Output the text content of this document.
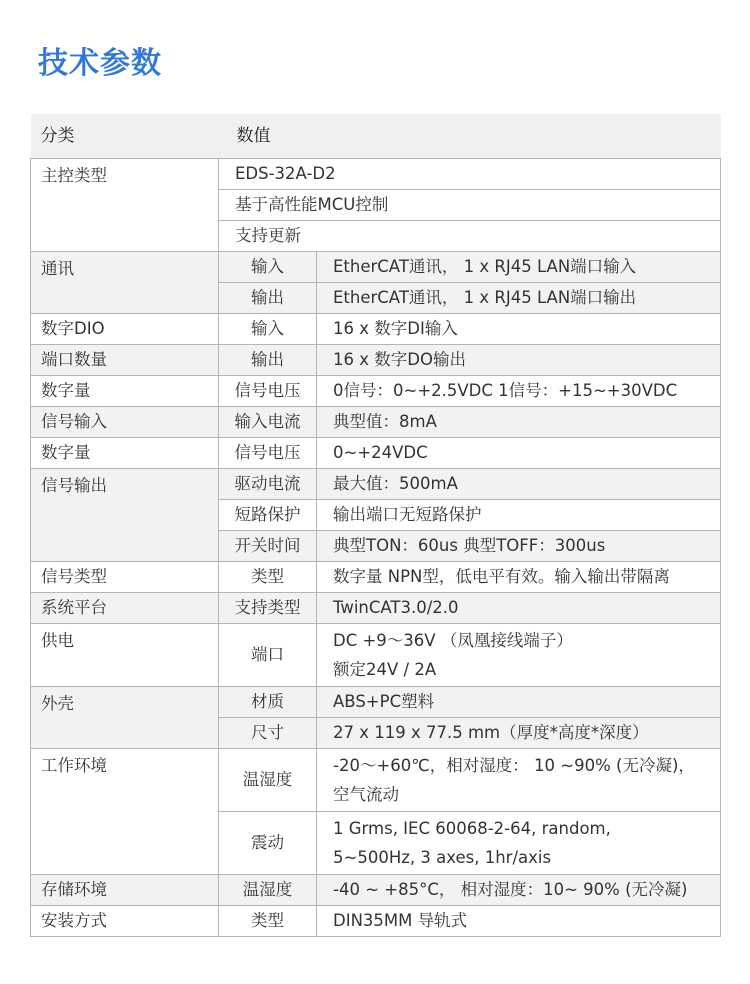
技术参数
分类	数值	
主控类型	EDS-32A-D2	
	基于高性能MCU控制	
	支持更新	
通讯	输入	EtherCAT通讯， 1 x RJ45 LAN端口输入
	输出	EtherCAT通讯， 1 x RJ45 LAN端口输出
数字DIO	输入	16 x 数字DI输入
端口数量	输出	16 x 数字DO输出
数字量	信号电压	0信号：0~+2.5VDC 1信号：+15~+30VDC
信号输入	输入电流	典型值：8mA
数字量	信号电压	0~+24VDC
信号输出	驱动电流	最大值：500mA
	短路保护	输出端口无短路保护
	开关时间	典型TON：60us 典型TOFF：300us
信号类型	类型	数字量 NPN型，低电平有效。输入输出带隔离
系统平台	支持类型	TwinCAT3.0/2.0
供电	端口	DC +9～36V （凤凰接线端子）
额定24V / 2A

外壳	材质	ABS+PC塑料
	尺寸	27 x 119 x 77.5 mm（厚度*高度*深度）
工作环境	温湿度	-20～+60℃，相对湿度： 10 ~90% (无冷凝)，
空气流动

	震动	1 Grms, IEC 60068-2-64, random,
5~500Hz, 3 axes, 1hr/axis

存储环境	温湿度	-40 ~ +85°C， 相对湿度：10~ 90% (无冷凝)
安装方式	类型	DIN35MM 导轨式
